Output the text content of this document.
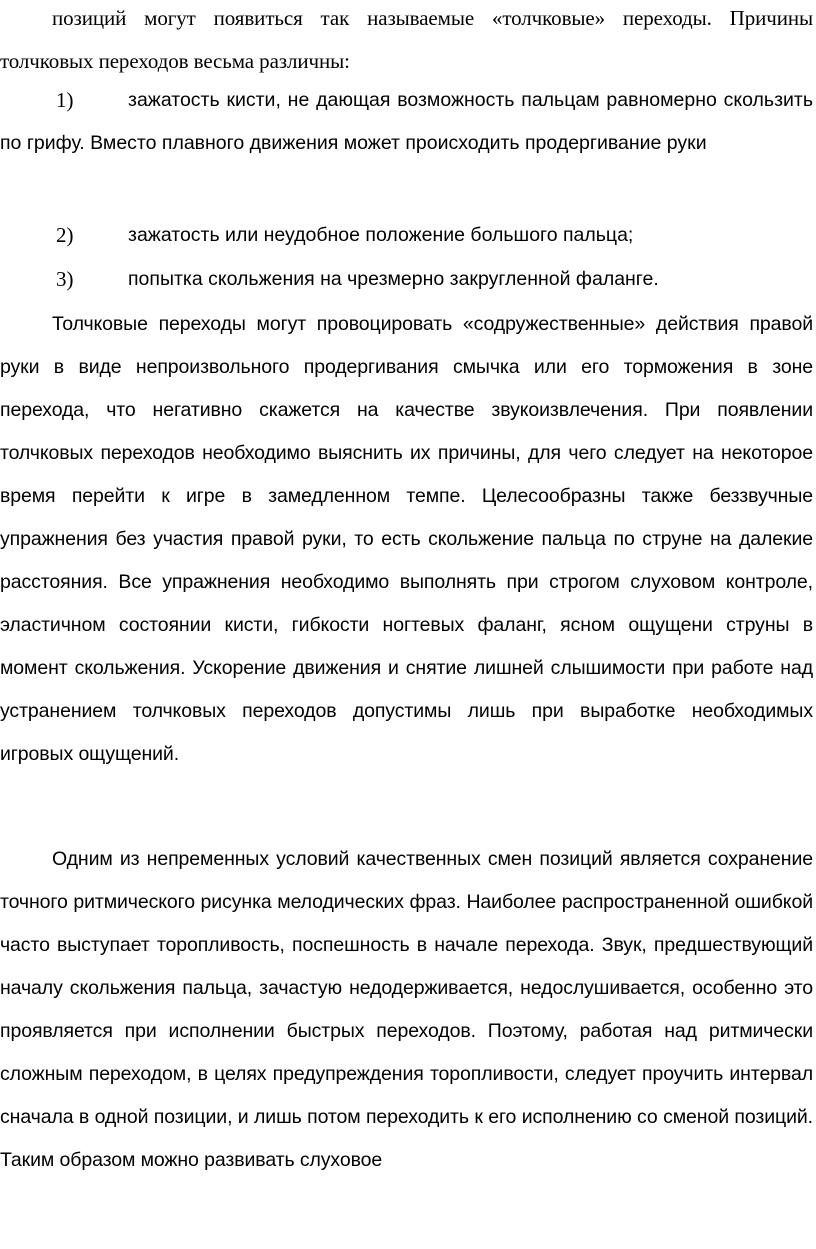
позиций могут появиться так называемые «толчковые» переходы. Причины толчковых переходов весьма различны:

1)	зажатость кисти, не дающая возможность пальцам равномерно скользить по грифу. Вместо плавного движения может происходить продергивание руки
2)	зажатость или неудобное положение большого пальца;
3)	попытка скольжения на чрезмерно закругленной фаланге.

Толчковые переходы могут провоцировать «содружественные» действия правой руки в виде непроизвольного продергивания смычка или его торможения в зоне перехода, что негативно скажется на качестве звукоизвлечения. При появлении толчковых переходов необходимо выяснить их причины, для чего следует на некоторое время перейти к игре в замедленном темпе. Целесообразны также беззвучные упражнения без участия правой руки, то есть скольжение пальца по струне на далекие расстояния. Все упражнения необходимо выполнять при строгом слуховом контроле, эластичном состоянии кисти, гибкости ногтевых фаланг, ясном ощущени струны в момент скольжения. Ускорение движения и снятие лишней слышимости при работе над устранением толчковых переходов допустимы лишь при выработке необходимых игровых ощущений.

Одним из непременных условий качественных смен позиций является сохранение точного ритмического рисунка мелодических фраз. Наиболее распространенной ошибкой часто выступает торопливость, поспешность в начале перехода. Звук, предшествующий началу скольжения пальца, зачастую недодерживается, недослушивается, особенно это проявляется при исполнении быстрых переходов. Поэтому, работая над ритмически сложным переходом, в целях предупреждения торопливости, следует проучить интервал сначала в одной позиции, и лишь потом переходить к его исполнению со сменой позиций. Таким образом можно развивать слуховое
